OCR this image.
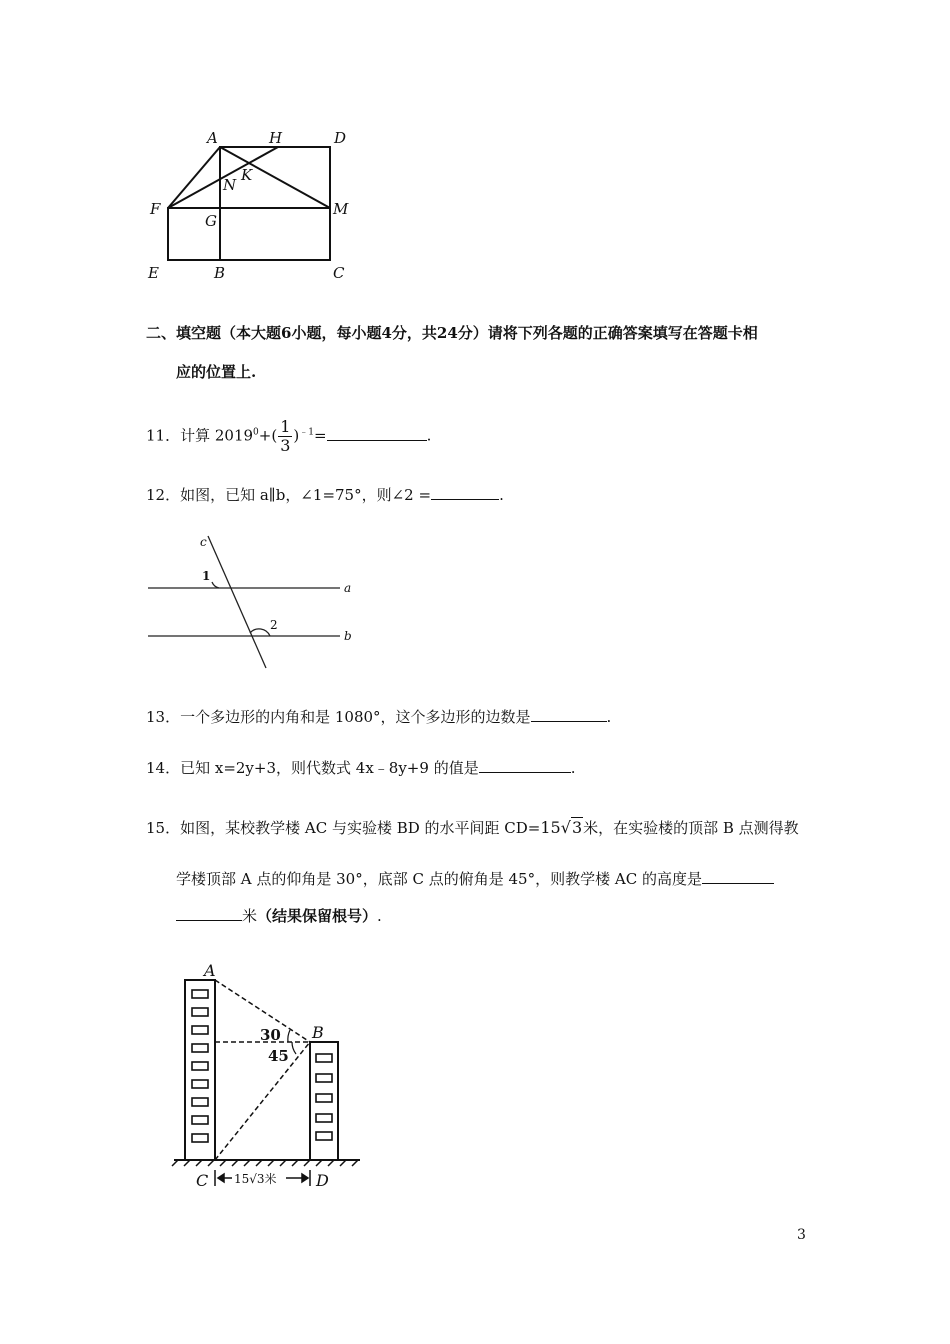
A	H	D
N
K
F
G
M
E	B	C
二、填空题（本大题6小题，每小题4分，共24分）请将下列各题的正确答案填写在答题卡相
应的位置上.
11．计算 $2019^0+( \frac{1}{3} )^{﹣1}=$	.
12．如图，已知 a∥b，∠1=75°，则∠2 =	.
c
1
a
2
b
13．一个多边形的内角和是 1080°，这个多边形的边数是	.
14．已知 x=2y+3，则代数式 4x﹣8y+9 的值是	.
15．如图，某校教学楼 AC 与实验楼 BD 的水平间距 CD=15√3米，在实验楼的顶部 B 点测得教
学楼顶部 A 点的仰角是 30°，底部 C 点的俯角是 45°，则教学楼 AC 的高度是
米（结果保留根号）.
A
B
30
45
C	D
15√3米
3
